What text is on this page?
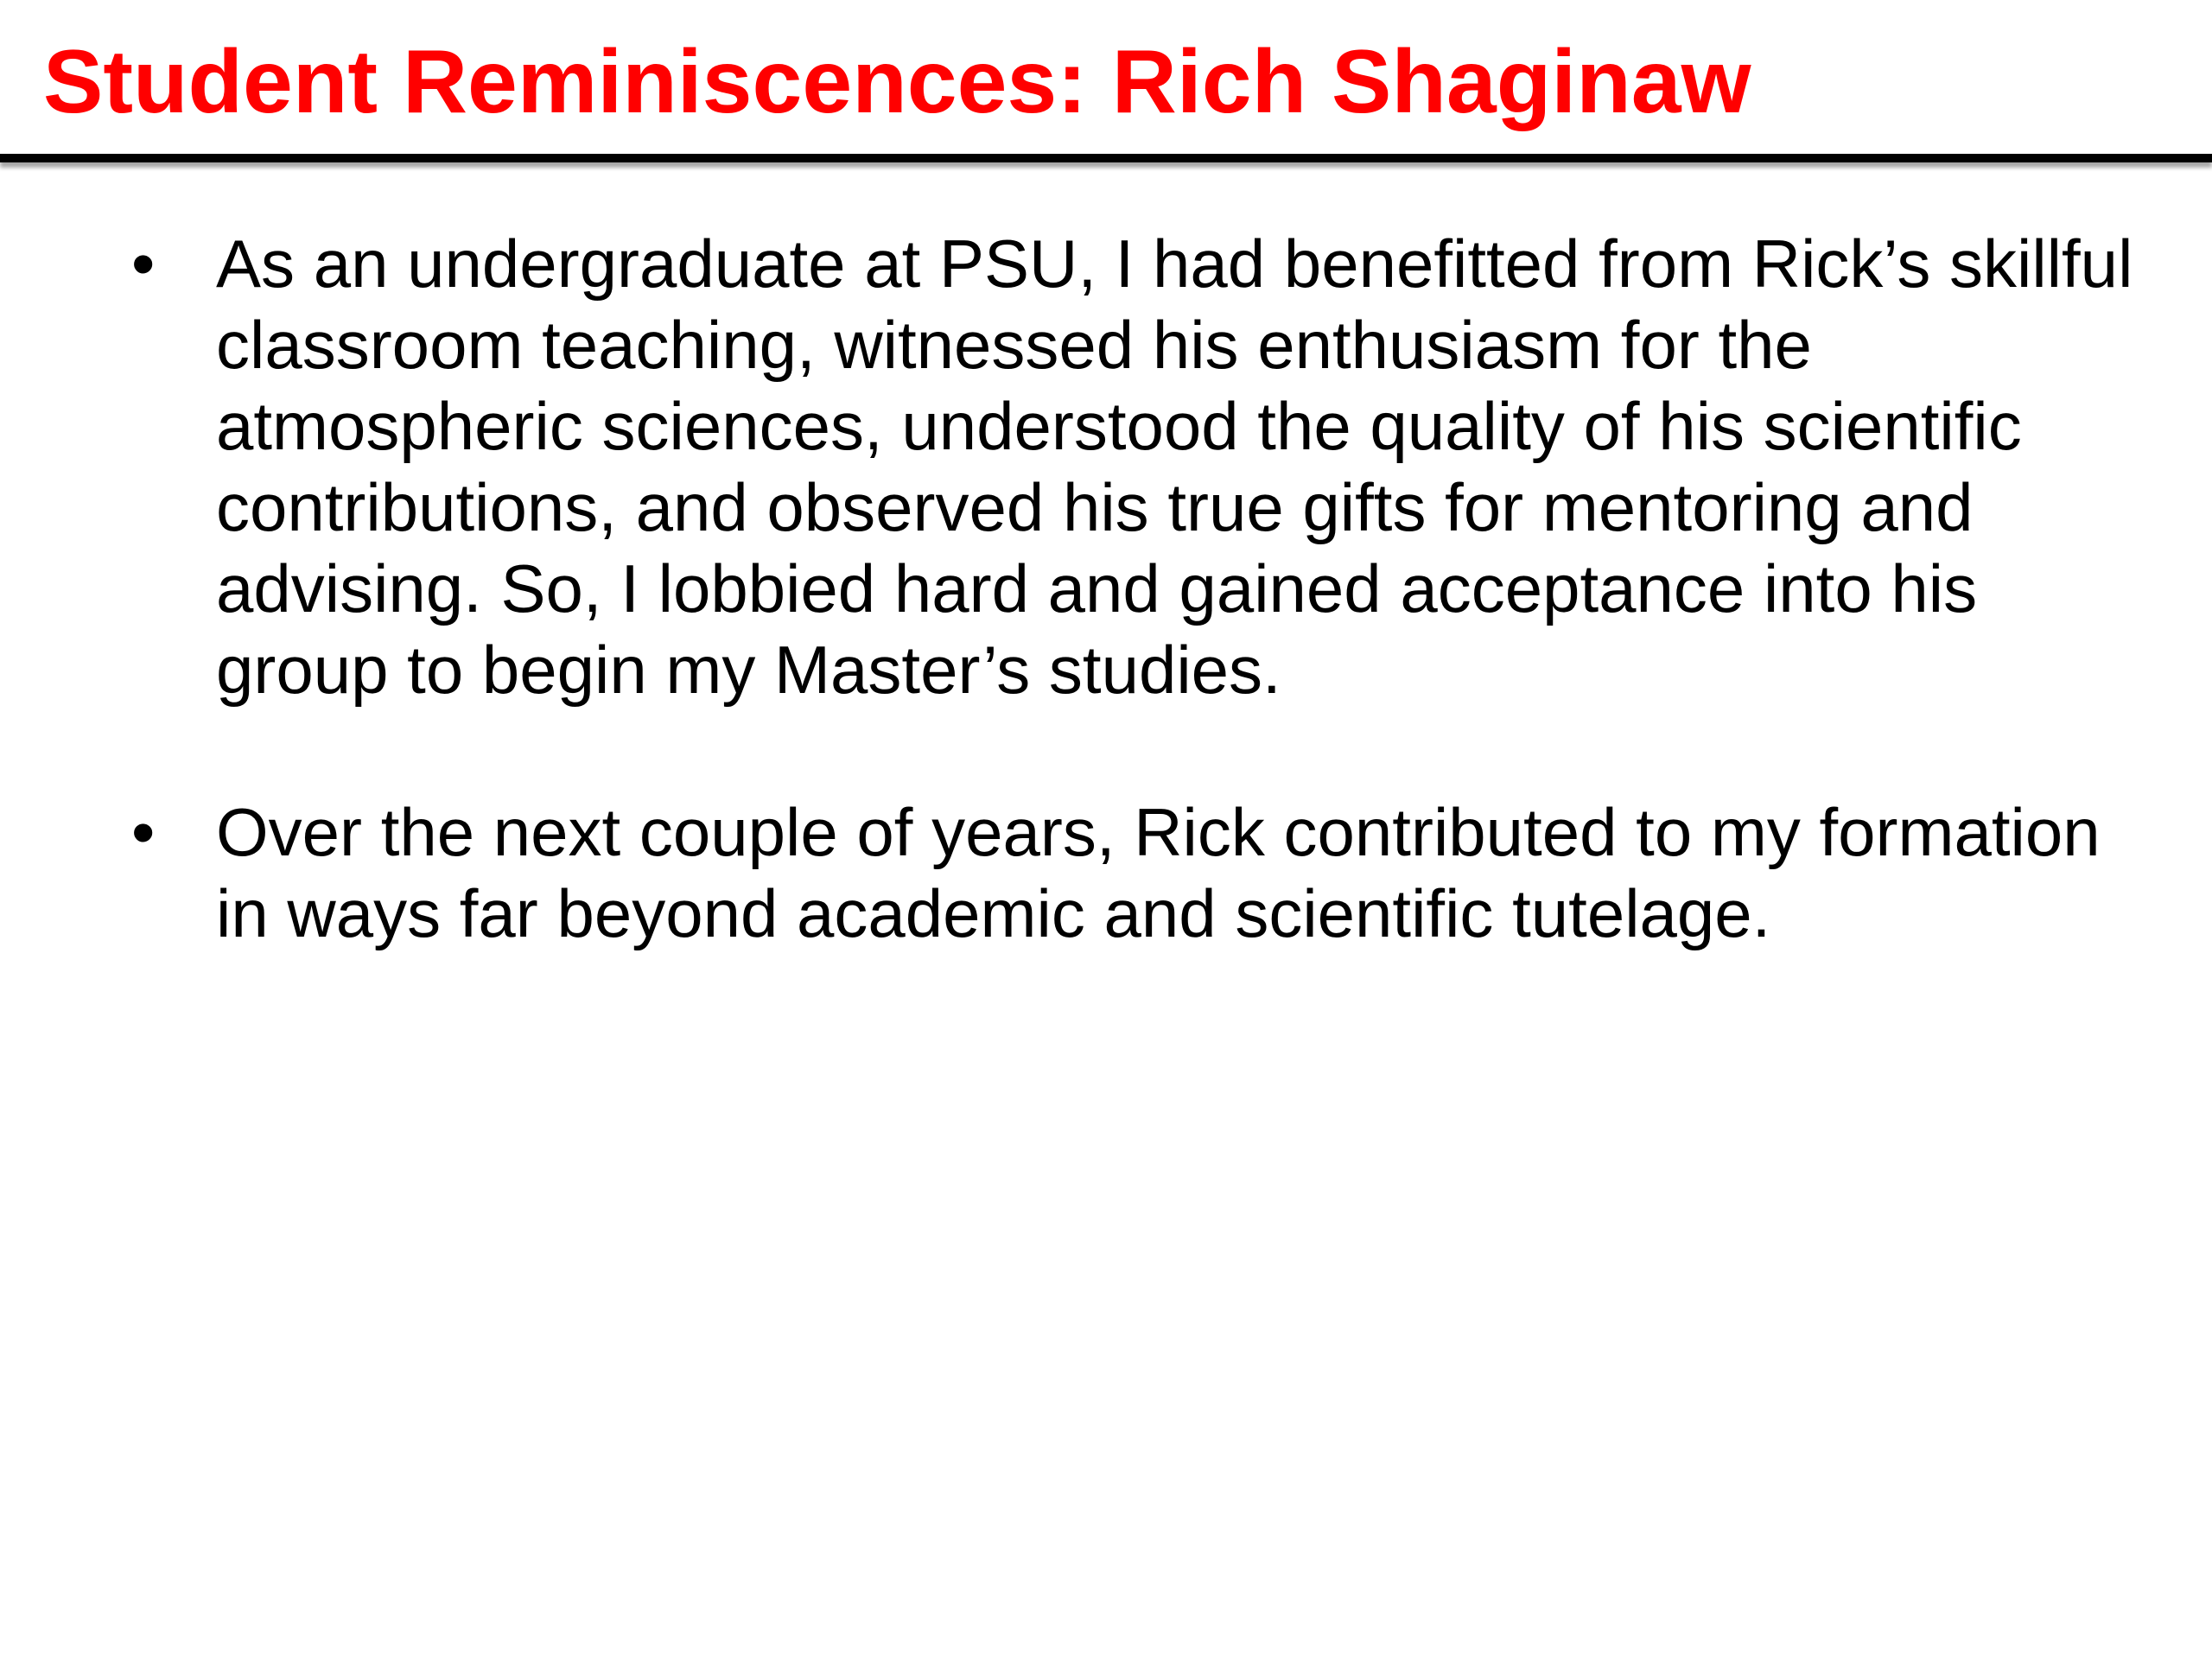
Student Reminiscences: Rich Shaginaw
• As an undergraduate at PSU, I had benefitted from Rick’s skillful classroom teaching, witnessed his enthusiasm for the atmospheric sciences, understood the quality of his scientific contributions, and observed his true gifts for mentoring and advising. So, I lobbied hard and gained acceptance into his group to begin my Master’s studies.
• Over the next couple of years, Rick contributed to my formation in ways far beyond academic and scientific tutelage.
